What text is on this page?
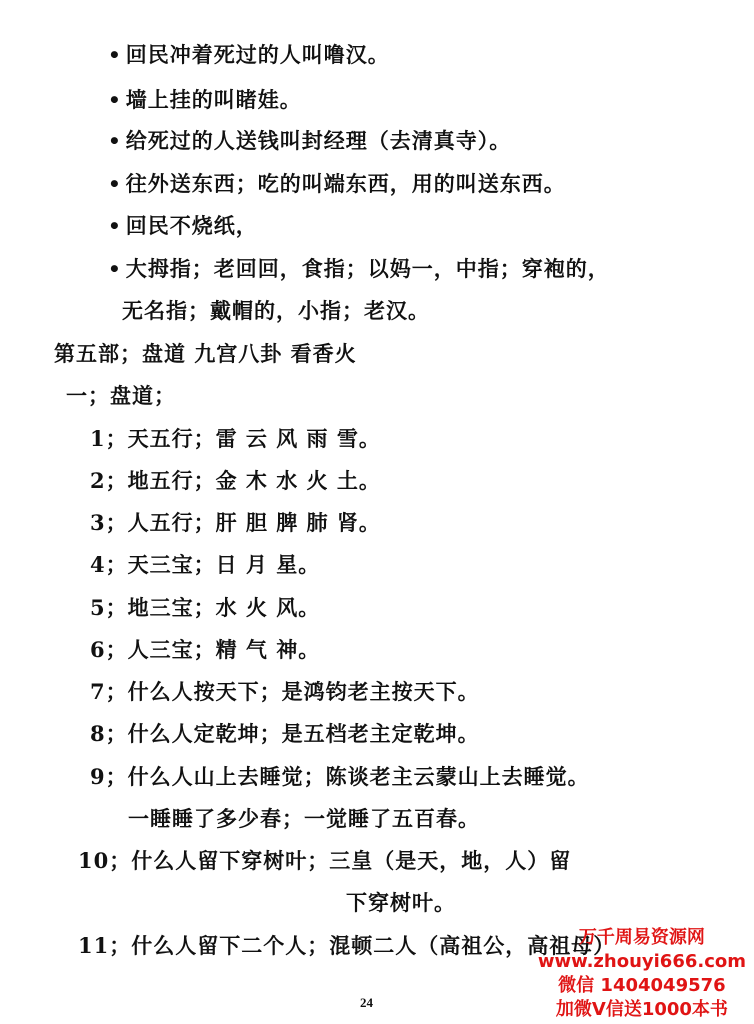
• 回民冲着死过的人叫噜汉。
• 墙上挂的叫睹娃。
• 给死过的人送钱叫封经理（去清真寺）。
• 往外送东西；吃的叫端东西，用的叫送东西。
• 回民不烧纸，
• 大拇指；老回回，食指；以妈一，中指；穿袍的，
无名指；戴帽的，小指；老汉。
第五部；盘道 九宫八卦 看香火
一；盘道；
1；天五行；雷 云 风 雨 雪。
2；地五行；金 木 水 火 土。
3；人五行；肝 胆 脾 肺 肾。
4；天三宝；日 月 星。
5；地三宝；水 火 风。
6；人三宝；精 气 神。
7；什么人按天下；是鸿钧老主按天下。
8；什么人定乾坤；是五档老主定乾坤。
9；什么人山上去睡觉；陈谈老主云蒙山上去睡觉。
一睡睡了多少春；一觉睡了五百春。
10；什么人留下穿树叶；三皇（是天，地，人）留
下穿树叶。
11；什么人留下二个人；混顿二人（高祖公，高祖母）
24
万千周易资源网
www.zhouyi666.com
微信 1404049576
加微V信送1000本书
